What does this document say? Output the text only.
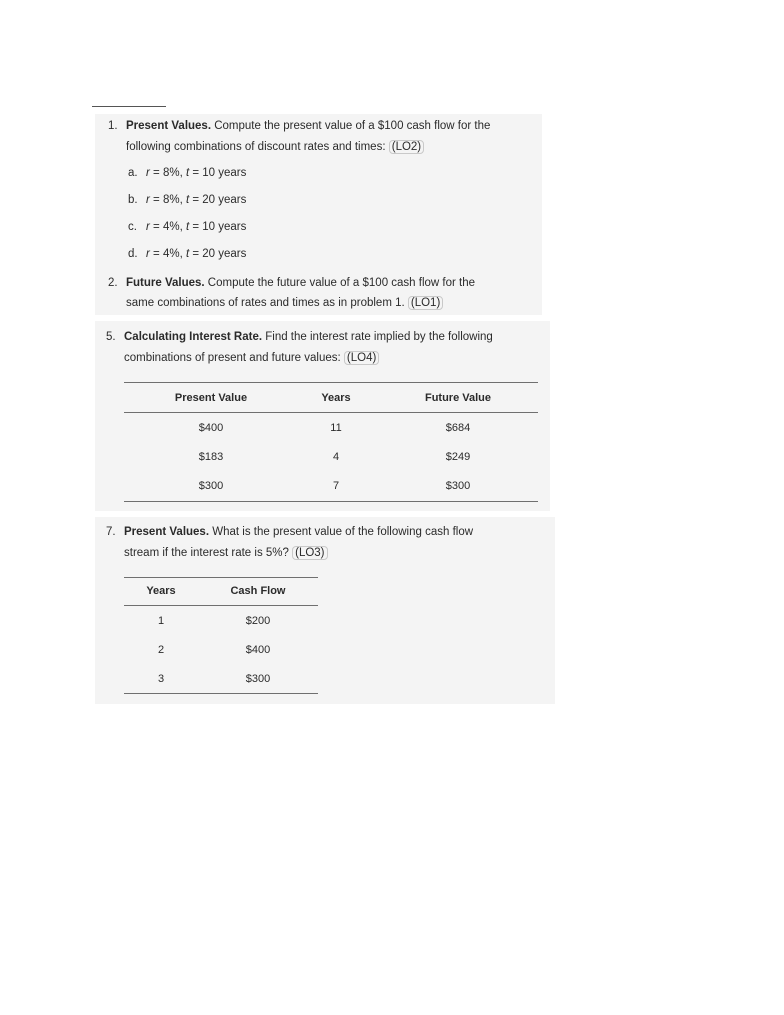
1. Present Values. Compute the present value of a $100 cash flow for the
following combinations of discount rates and times: (LO2)
a. r = 8%, t = 10 years
b. r = 8%, t = 20 years
c. r = 4%, t = 10 years
d. r = 4%, t = 20 years
2. Future Values. Compute the future value of a $100 cash flow for the
same combinations of rates and times as in problem 1. (LO1)
5. Calculating Interest Rate. Find the interest rate implied by the following
combinations of present and future values: (LO4)
Present Value	Years	Future Value
$400	11	$684
$183	4	$249
$300	7	$300
7. Present Values. What is the present value of the following cash flow
stream if the interest rate is 5%? (LO3)
Years	Cash Flow
1	$200
2	$400
3	$300
